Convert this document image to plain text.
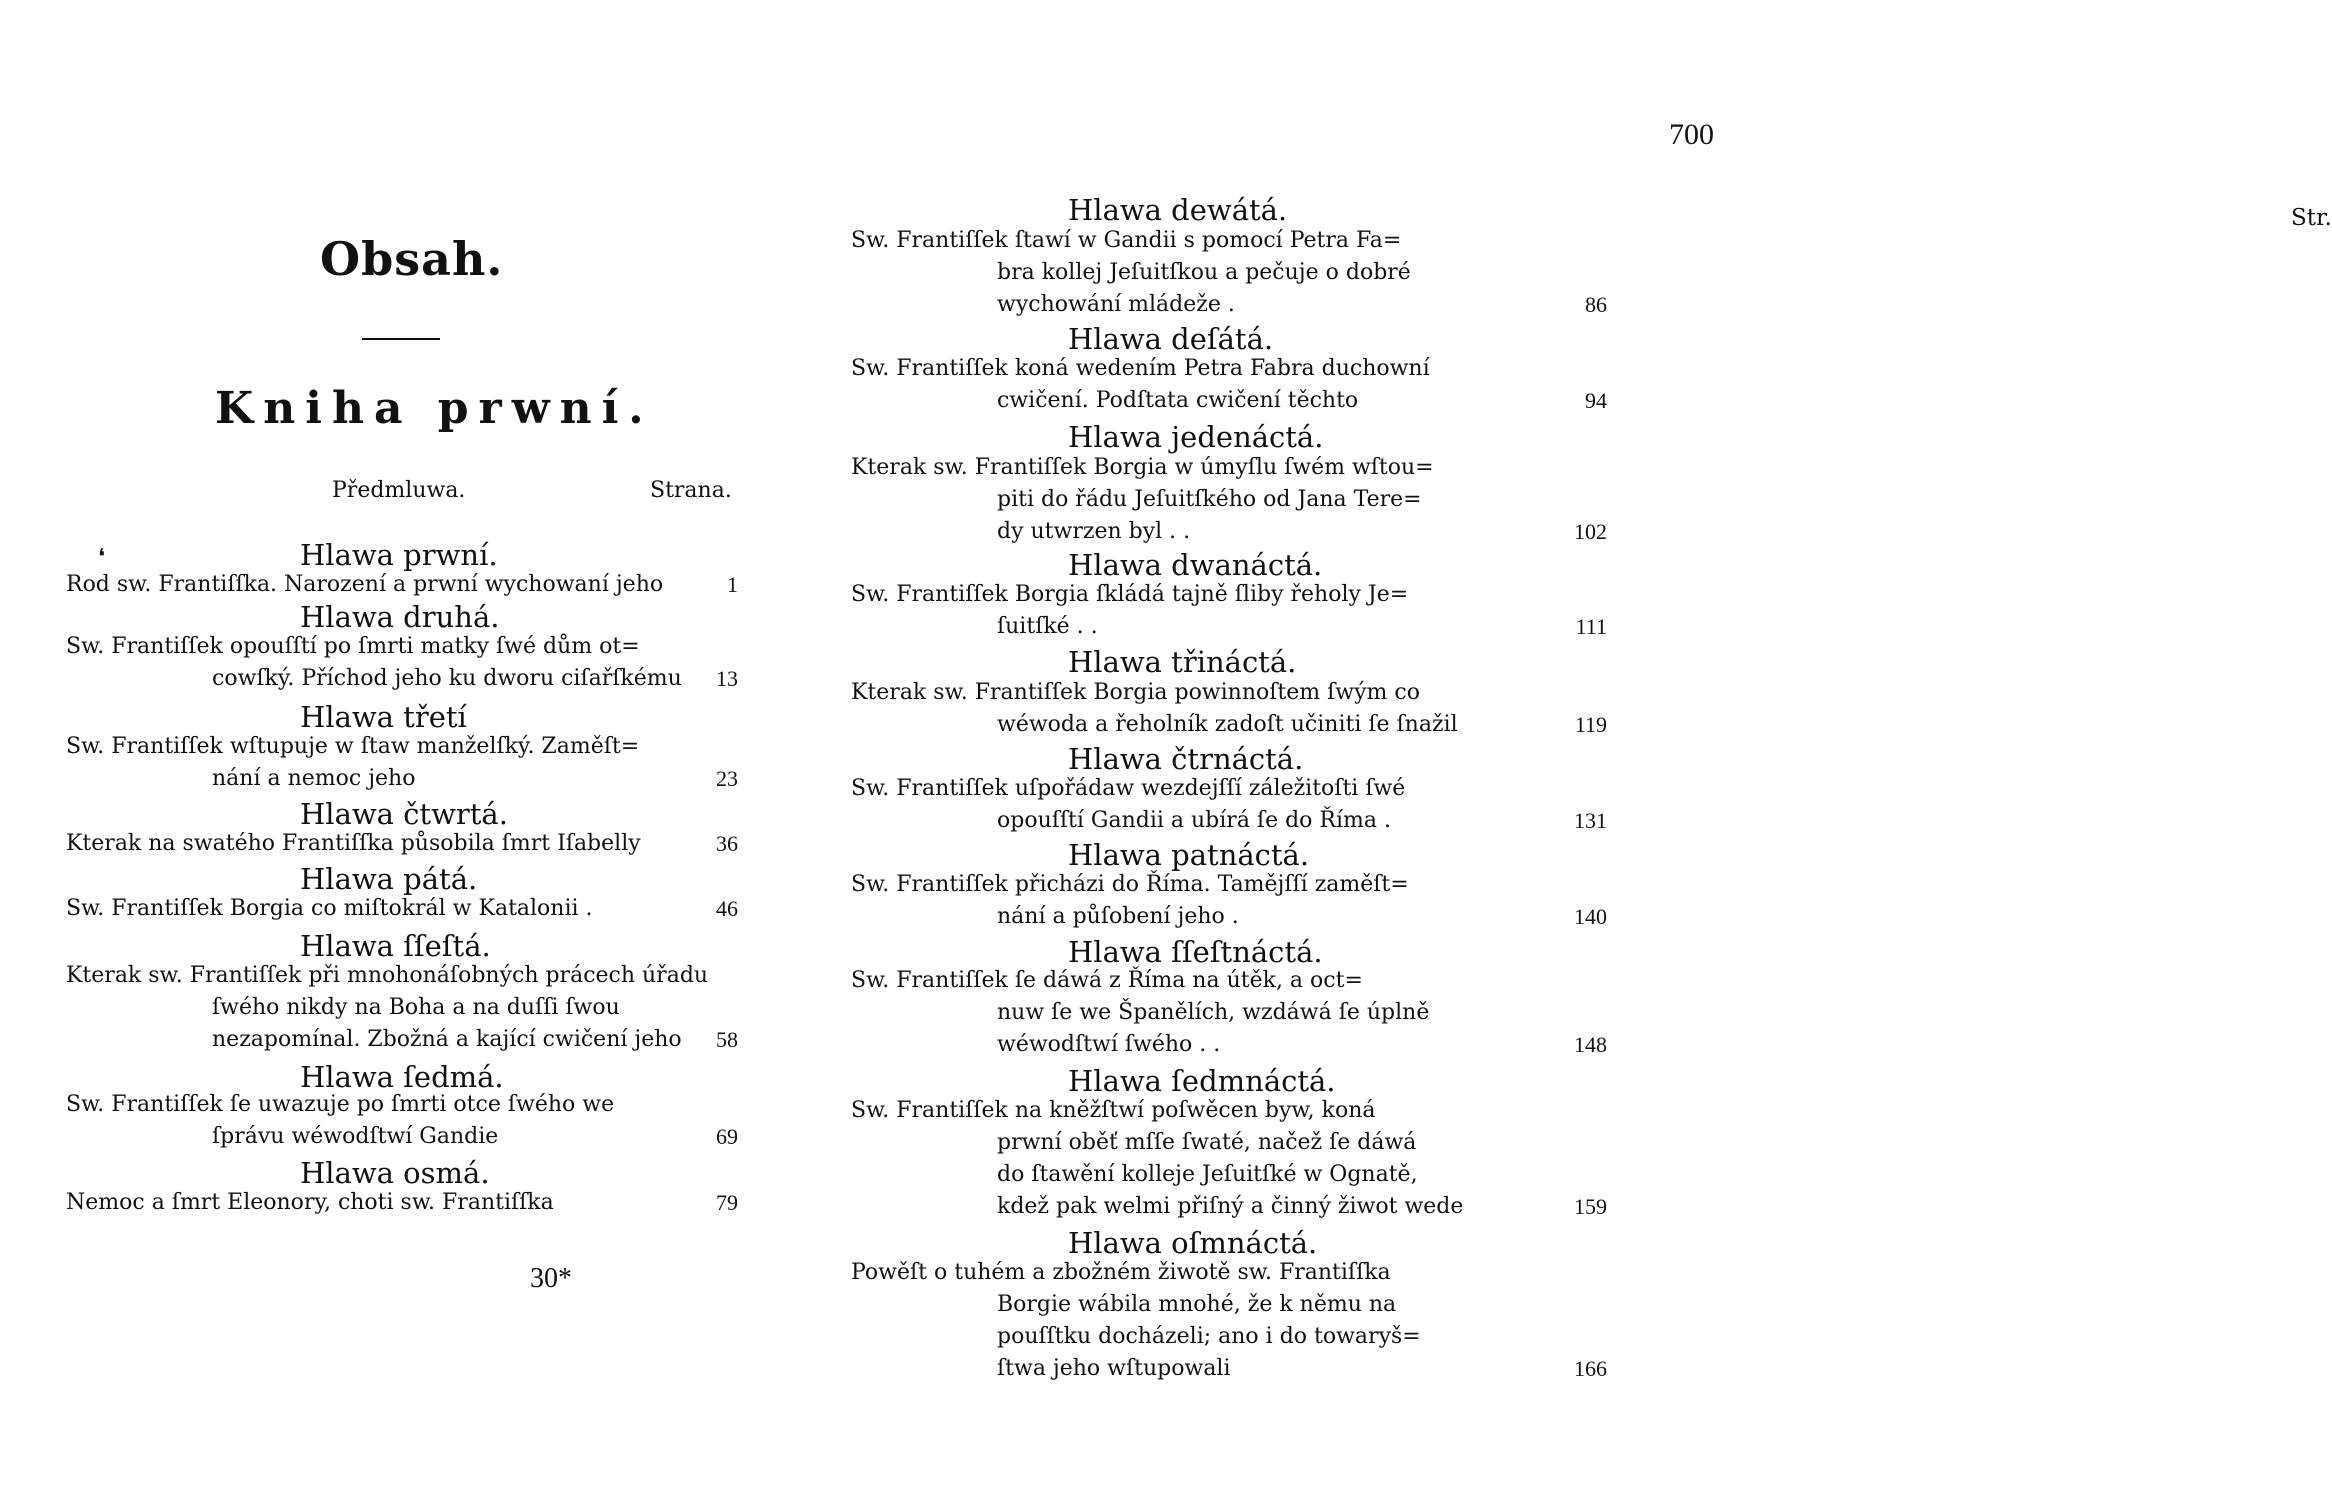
Obsah.
Kniha prwní.
Předmluwa.	Strana.
❛	Hlawa prwní.
Rod sw. Frantiſſka. Narození a prwní wychowaní jeho	1
Hlawa druhá.
Sw. Frantiſſek opouſſtí po ſmrti matky ſwé dům ot=
cowſký. Příchod jeho ku dworu ciſařſkému	13
Hlawa třetí
Sw. Frantiſſek wſtupuje w ſtaw manželſký. Zaměſt=
nání a nemoc jeho	23
Hlawa čtwrtá.
Kterak na swatého Frantiſſka působila ſmrt Iſabelly	36
Hlawa pátá.
Sw. Frantiſſek Borgia co miſtokrál w Katalonii .	46
Hlawa ſſeſtá.
Kterak sw. Frantiſſek při mnohonáſobných prácech úřadu
ſwého nikdy na Boha a na duſſi ſwou
nezapomínal. Zbožná a kající cwičení jeho	58
Hlawa ſedmá.
Sw. Frantiſſek ſe uwazuje po ſmrti otce ſwého we
ſprávu wéwodſtwí Gandie	69
Hlawa osmá.
Nemoc a ſmrt Eleonory, choti sw. Frantiſſka	79
30*
700
Str.
Hlawa dewátá.
Sw. Frantiſſek ſtawí w Gandii s pomocí Petra Fa=
bra kollej Jeſuitſkou a pečuje o dobré
wychowání mládeže .	86
Hlawa deſátá.
Sw. Frantiſſek koná wedením Petra Fabra duchowní
cwičení. Podſtata cwičení těchto	94
Hlawa jedenáctá.
Kterak sw. Frantiſſek Borgia w úmyſlu ſwém wſtou=
piti do řádu Jeſuitſkého od Jana Tere=
dy utwrzen byl . .	102
Hlawa dwanáctá.
Sw. Frantiſſek Borgia ſkládá tajně ſliby řeholy Je=
ſuitſké . .	111
Hlawa třináctá.
Kterak sw. Frantiſſek Borgia powinnoſtem ſwým co
wéwoda a řeholník zadoſt učiniti ſe ſnažil	119
Hlawa čtrnáctá.
Sw. Frantiſſek uſpořádaw wezdejſſí záležitoſti ſwé
opouſſtí Gandii a ubírá ſe do Říma .	131
Hlawa patnáctá.
Sw. Frantiſſek přicházi do Říma. Tamějſſí zaměſt=
nání a půſobení jeho .	140
Hlawa ſſeſtnáctá.
Sw. Frantiſſek ſe dáwá z Říma na útěk, a oct=
nuw ſe we Španělích, wzdáwá ſe úplně
wéwodſtwí ſwého . .	148
Hlawa ſedmnáctá.
Sw. Frantiſſek na kněžſtwí poſwěcen byw, koná
prwní oběť mſſe ſwaté, načež ſe dáwá
do ſtawění kolleje Jeſuitſké w Ognatě,
kdež pak welmi přiſný a činný žiwot wede	159
Hlawa oſmnáctá.
Powěſt o tuhém a zbožném žiwotě sw. Frantiſſka
Borgie wábila mnohé, že k němu na
pouſſtku docházeli; ano i do towaryš=
ſtwa jeho wſtupowali	166
